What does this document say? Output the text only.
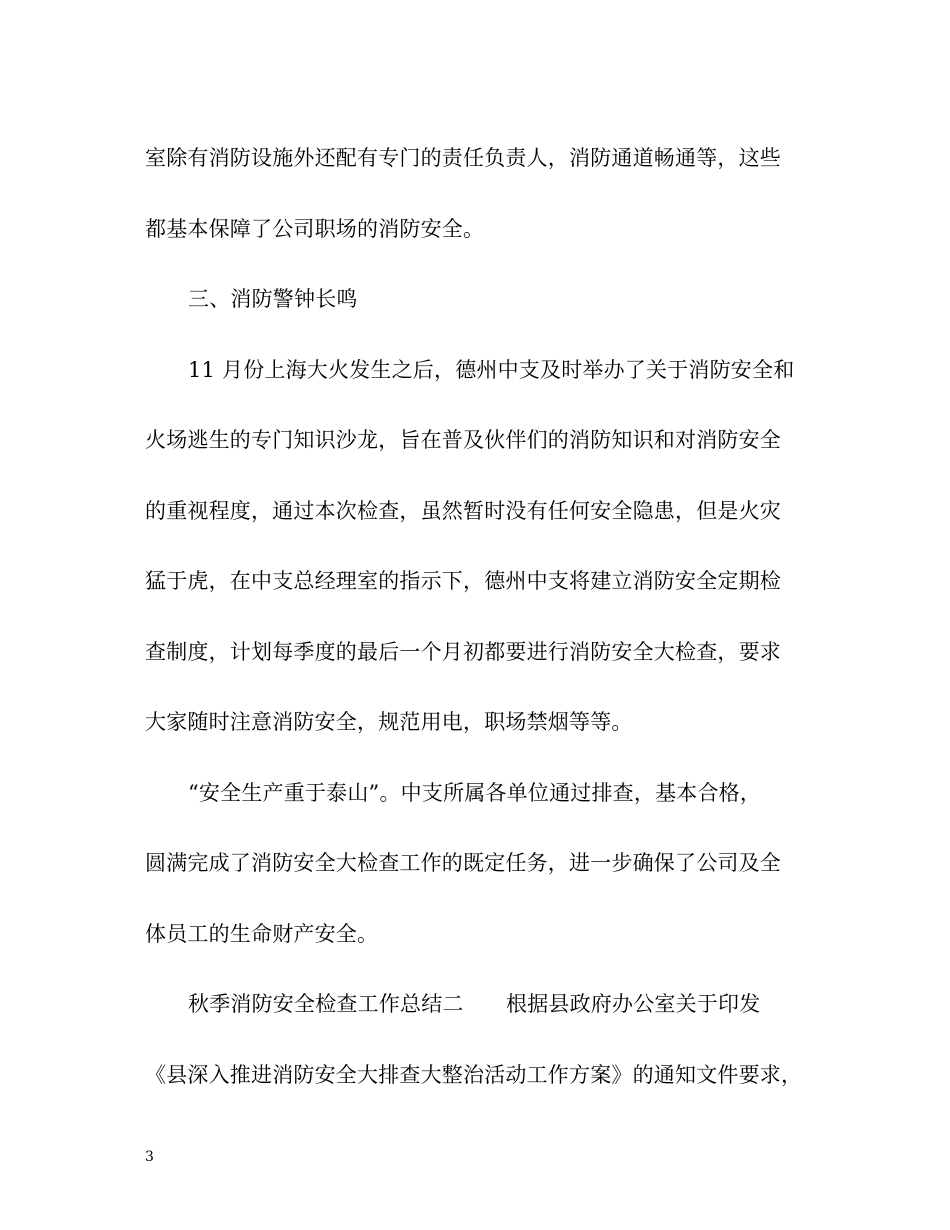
室除有消防设施外还配有专门的责任负责人，消防通道畅通等，这些
都基本保障了公司职场的消防安全。
三、消防警钟长鸣
11 月份上海大火发生之后，德州中支及时举办了关于消防安全和
火场逃生的专门知识沙龙，旨在普及伙伴们的消防知识和对消防安全
的重视程度，通过本次检查，虽然暂时没有任何安全隐患，但是火灾
猛于虎，在中支总经理室的指示下，德州中支将建立消防安全定期检
查制度，计划每季度的最后一个月初都要进行消防安全大检查，要求
大家随时注意消防安全，规范用电，职场禁烟等等。
“安全生产重于泰山”。中支所属各单位通过排查，基本合格，
圆满完成了消防安全大检查工作的既定任务，进一步确保了公司及全
体员工的生命财产安全。
秋季消防安全检查工作总结二　　根据县政府办公室关于印发
《县深入推进消防安全大排查大整治活动工作方案》的通知文件要求，
3
